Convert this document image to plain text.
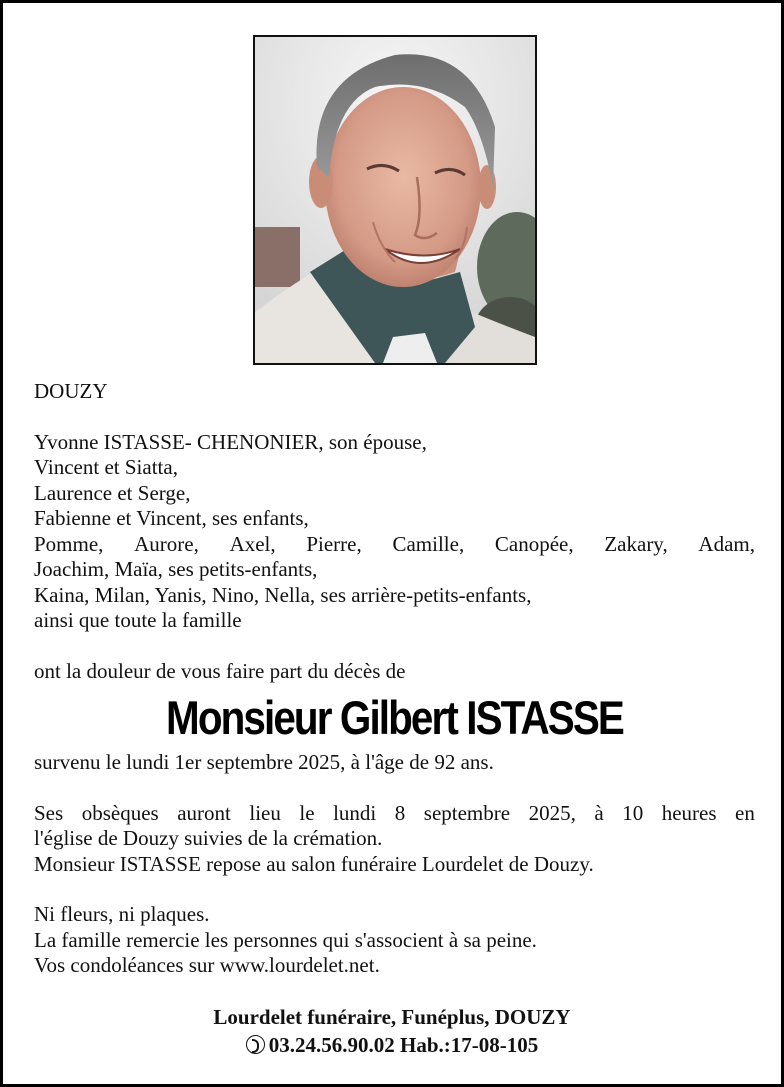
DOUZY
Yvonne ISTASSE- CHENONIER, son épouse,
Vincent et Siatta,
Laurence et Serge,
Fabienne et Vincent, ses enfants,
Pomme, Aurore, Axel, Pierre, Camille, Canopée, Zakary, Adam,
Joachim, Maïa, ses petits-enfants,
Kaina, Milan, Yanis, Nino, Nella, ses arrière-petits-enfants,
ainsi que toute la famille
ont la douleur de vous faire part du décès de
Monsieur Gilbert ISTASSE
survenu le lundi 1er septembre 2025, à l'âge de 92 ans.
Ses obsèques auront lieu le lundi 8 septembre 2025, à 10 heures en
l'église de Douzy suivies de la crémation.
Monsieur ISTASSE repose au salon funéraire Lourdelet de Douzy.
Ni fleurs, ni plaques.
La famille remercie les personnes qui s'associent à sa peine.
Vos condoléances sur www.lourdelet.net.
Lourdelet funéraire, Funéplus, DOUZY
03.24.56.90.02 Hab.:17-08-105
